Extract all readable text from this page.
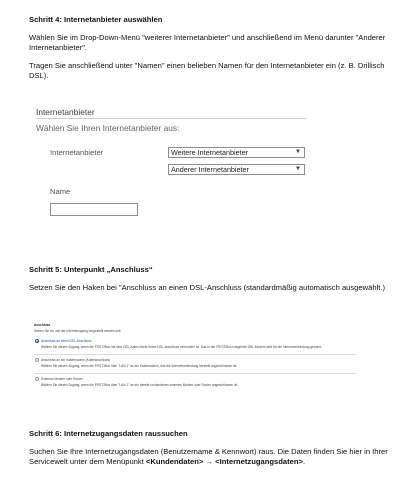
Schritt 4: Internetanbieter auswählen
Wählen Sie im Drop-Down-Menü "weiterer Internetanbieter" und anschließend im Menü darunter "Anderer Internetanbieter".
Tragen Sie anschließend unter "Namen" einen belieben Namen für den Internetanbieter ein (z. B. Drillisch DSL).
Internetanbieter
Wählen Sie Ihren Internetanbieter aus:
Internetanbieter	Weitere Internetanbieter	▼
Anderer Internetanbieter	▼
Name
Schritt 5: Unterpunkt „Anschluss“
Setzen Sie den Haken bei "Anschluss an einen DSL-Anschluss (standardmäßig automatisch ausgewählt.)
Anschluss
Geben Sie an, wie der Internetzugang hergestellt werden soll.
Anschluss an einen DSL-Anschluss
Wählen Sie diesen Zugang, wenn die FRITZ!Box mit dem DSL-Kabel direkt Ihrem DSL-Anschluss verbunden ist. Das in der FRITZ!Box integrierte DSL-Modem wird für die Internetverbindung genutzt.
Anschluss an ein Kabelmodem (Kabelanschluss)
Wählen Sie diesen Zugang, wenn die FRITZ!Box über "LAN 1" an ein Kabelmodem, das die Internetverbindung herstellt angeschlossen ist.
Externes Modem oder Router
Wählen Sie diesen Zugang, wenn die FRITZ!Box über "LAN 1" an ein bereits vorhandenes externes Modem oder Router angeschlossen ist.
Schritt 6: Internetzugangsdaten raussuchen
Suchen Sie Ihre Internetzugangsdaten (Benutzername & Kennwort) raus. Die Daten finden Sie hier in Ihrer Servicewelt unter dem Menüpunkt <Kundendaten> → <Internetzugangsdaten>.
